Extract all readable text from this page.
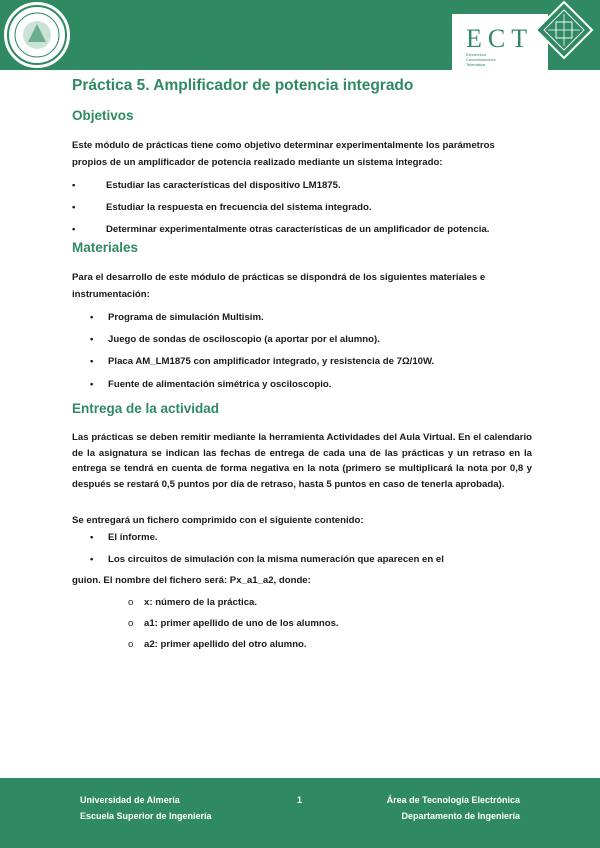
ECT
Electrónica
Comunicaciones
Telemática
Práctica 5. Amplificador de potencia integrado
Objetivos

Este módulo de prácticas tiene como objetivo determinar experimentalmente los parámetros propios de un amplificador de potencia realizado mediante un sistema integrado:

•	Estudiar las características del dispositivo LM1875.
•	Estudiar la respuesta en frecuencia del sistema integrado.
•	Determinar experimentalmente otras características de un amplificador de potencia.
Materiales

Para el desarrollo de este módulo de prácticas se dispondrá de los siguientes materiales e instrumentación:

• Programa de simulación Multisim.
• Juego de sondas de osciloscopio (a aportar por el alumno).
• Placa AM_LM1875 con amplificador integrado, y resistencia de 7Ω/10W.
• Fuente de alimentación simétrica y osciloscopio.
Entrega de la actividad

Las prácticas se deben remitir mediante la herramienta Actividades del Aula Virtual. En el calendario de la asignatura se indican las fechas de entrega de cada una de las prácticas y un retraso en la entrega se tendrá en cuenta de forma negativa en la nota (primero se multiplicará la nota por 0,8 y después se restará 0,5 puntos por día de retraso, hasta 5 puntos en caso de tenerla aprobada).

Se entregará un fichero comprimido con el siguiente contenido:

• El informe.
• Los circuitos de simulación con la misma numeración que aparecen en el

guion. El nombre del fichero será: Px_a1_a2, donde:

o x: número de la práctica.
o a1: primer apellido de uno de los alumnos.
o a2: primer apellido del otro alumno.
Universidad de Almería
Escuela Superior de Ingeniería
1	Área de Tecnología Electrónica
Departamento de Ingeniería
